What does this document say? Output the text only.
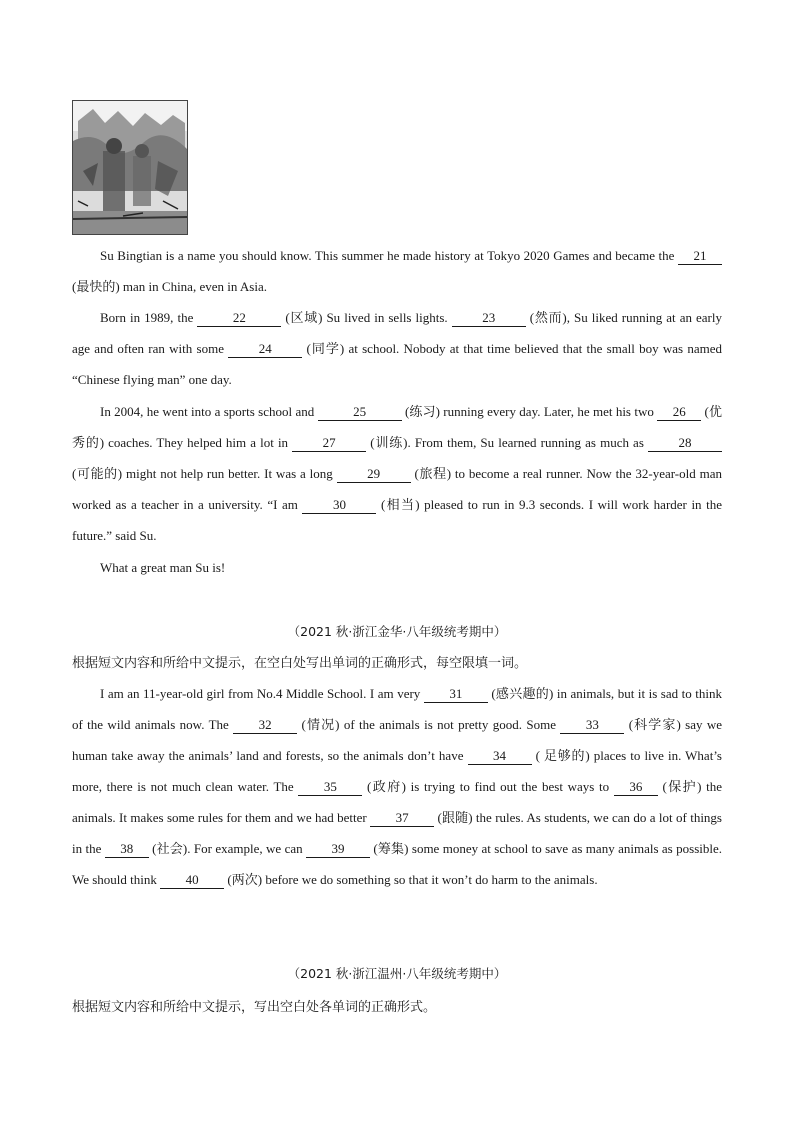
Su Bingtian is a name you should know. This summer he made history at Tokyo 2020 Games and became the 21 (最快的) man in China, even in Asia.
Born in 1989, the	22	(区域) Su lived in sells lights. 23 (然而), Su liked running at an early age and often ran with some 24 (同学) at school. Nobody at that time believed that the small boy was named “Chinese flying man” one day.
In 2004, he went into a sports school and	25	(练习) running every day. Later, he met his two 26 (优秀的) coaches. They helped him a lot in 27 (训练). From them, Su learned running as much as 28 (可能的) might not help run better. It was a long 29 (旅程) to become a real runner. Now the 32-year-old man worked as a teacher in a university. “I am 30 (相当) pleased to run in 9.3 seconds. I will work harder in the future.” said Su.
What a great man Su is!
（2021 秋·浙江金华·八年级统考期中）
根据短文内容和所给中文提示，在空白处写出单词的正确形式，每空限填一词。
I am an 11-year-old girl from No.4 Middle School. I am very 31 (感兴趣的) in animals, but it is sad to think of the wild animals now. The 32 (情况) of the animals is not pretty good. Some 33 (科学家) say we human take away the animals’ land and forests, so the animals don’t have 34 ( 足够的) places to live in. What’s more, there is not much clean water. The 35 (政府) is trying to find out the best ways to 36 (保护) the animals. It makes some rules for them and we had better 37 (跟随) the rules. As students, we can do a lot of things in the 38 (社会). For example, we can 39 (筹集) some money at school to save as many animals as possible. We should think 40 (两次) before we do something so that it won’t do harm to the animals.
（2021 秋·浙江温州·八年级统考期中）
根据短文内容和所给中文提示，写出空白处各单词的正确形式。
